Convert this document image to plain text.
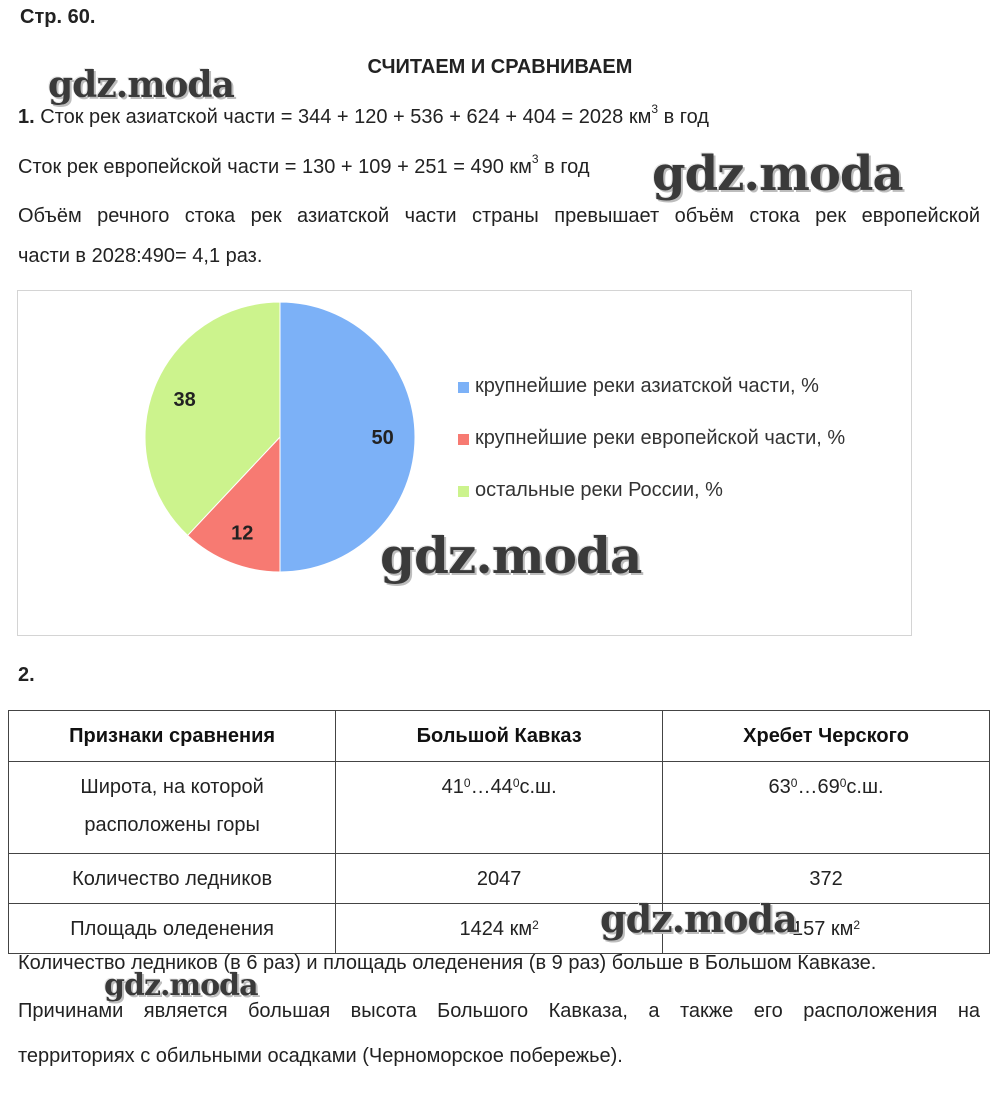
Стр. 60.
СЧИТАЕМ И СРАВНИВАЕМ
1. Сток рек азиатской части = 344 + 120 + 536 + 624 + 404 = 2028 $км^3$ в год
Сток рек европейской части = 130 + 109 + 251 = 490 $км^3$ в год
Объём речного стока рек азиатской части страны превышает объём стока рек европейской
части в 2028:490= 4,1 раз.
50
12
38
крупнейшие реки азиатской части, %
крупнейшие реки европейской части, %
остальные реки России, %
2.
Признаки сравнения	Большой Кавказ	Хребет Черского
Широта, на которой
расположены горы	$41^0\dots 44^0с.ш$.	$63^0\dots 69^0с.ш$.
Количество ледников	2047	372
Площадь оледенения	1424 $км^2$	157 $км^2$
Количество ледников (в 6 раз) и площадь оледенения (в 9 раз) больше в Большом Кавказе.
Причинами является большая высота Большого Кавказа, а также его расположения на
территориях с обильными осадками (Черноморское побережье).
gdz.moda
gdz.moda
gdz.moda
gdz.moda
gdz.moda
